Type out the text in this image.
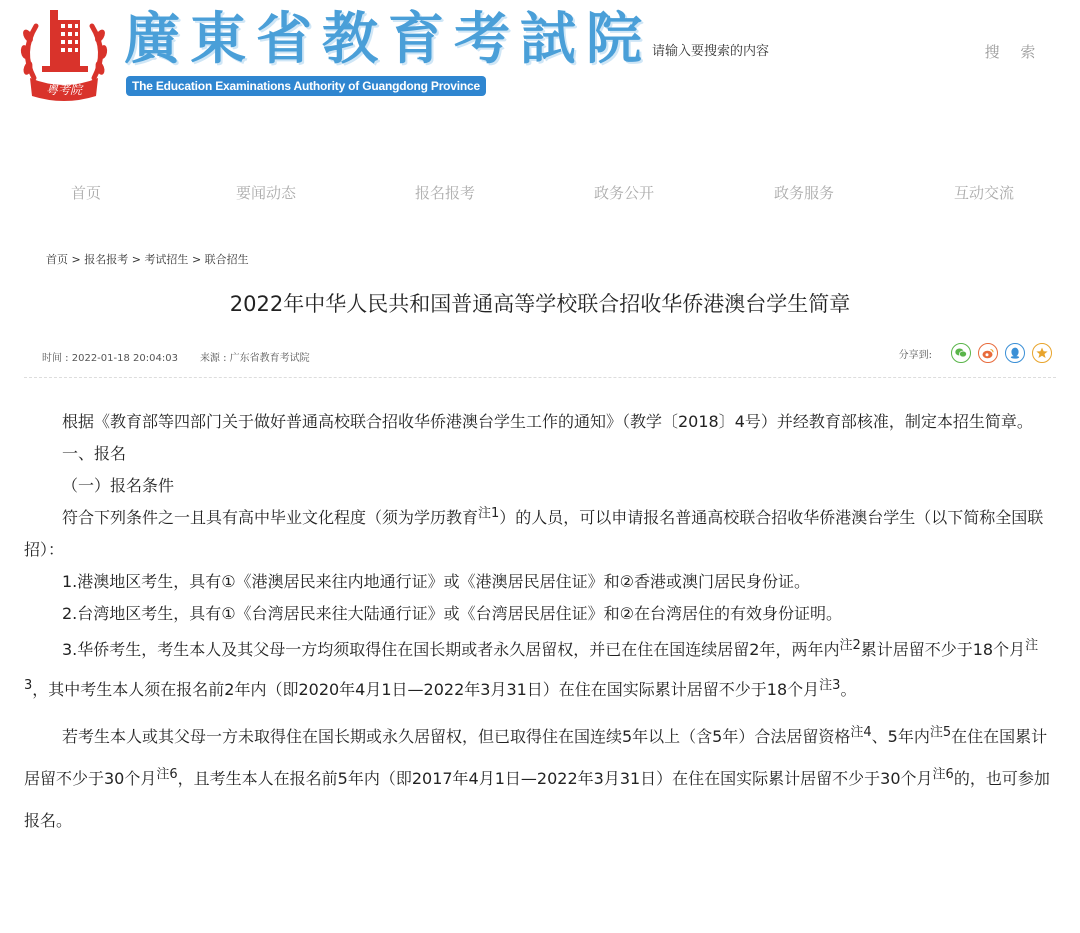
粤考院
廣東省教育考試院
The Education Examinations Authority of Guangdong Province
请输入要搜索的内容
搜 索
首页	要闻动态	报名报考	政务公开	政务服务	互动交流
首页 > 报名报考 > 考试招生 > 联合招生
2022年中华人民共和国普通高等学校联合招收华侨港澳台学生简章
时间 : 2022-01-18 20:04:03 来源 : 广东省教育考试院	分享到:

根据《教育部等四部门关于做好普通高校联合招收华侨港澳台学生工作的通知》（教学〔2018〕4号）并经教育部核准，制定本招生简章。

一、报名

（一）报名条件

符合下列条件之一且具有高中毕业文化程度（须为学历教育$^{注1}$）的人员，可以申请报名普通高校联合招收华侨港澳台学生（以下简称全国联招）：

1.港澳地区考生，具有①《港澳居民来往内地通行证》或《港澳居民居住证》和②香港或澳门居民身份证。

2.台湾地区考生，具有①《台湾居民来往大陆通行证》或《台湾居民居住证》和②在台湾居住的有效身份证明。

3.华侨考生，考生本人及其父母一方均须取得住在国长期或者永久居留权，并已在住在国连续居留2年，两年内$^{注2}$累计居留不少于18个月$^{注3}$，其中考生本人须在报名前2年内（即2020年4月1日—2022年3月31日）在住在国实际累计居留不少于18个月$^{注3}$。

若考生本人或其父母一方未取得住在国长期或永久居留权，但已取得住在国连续5年以上（含5年）合法居留资格$^{注4}$、5年内$^{注5}$在住在国累计居留不少于30个月$^{注6}$，且考生本人在报名前5年内（即2017年4月1日—2022年3月31日）在住在国实际累计居留不少于30个月$^{注6}$的，也可参加报名。
